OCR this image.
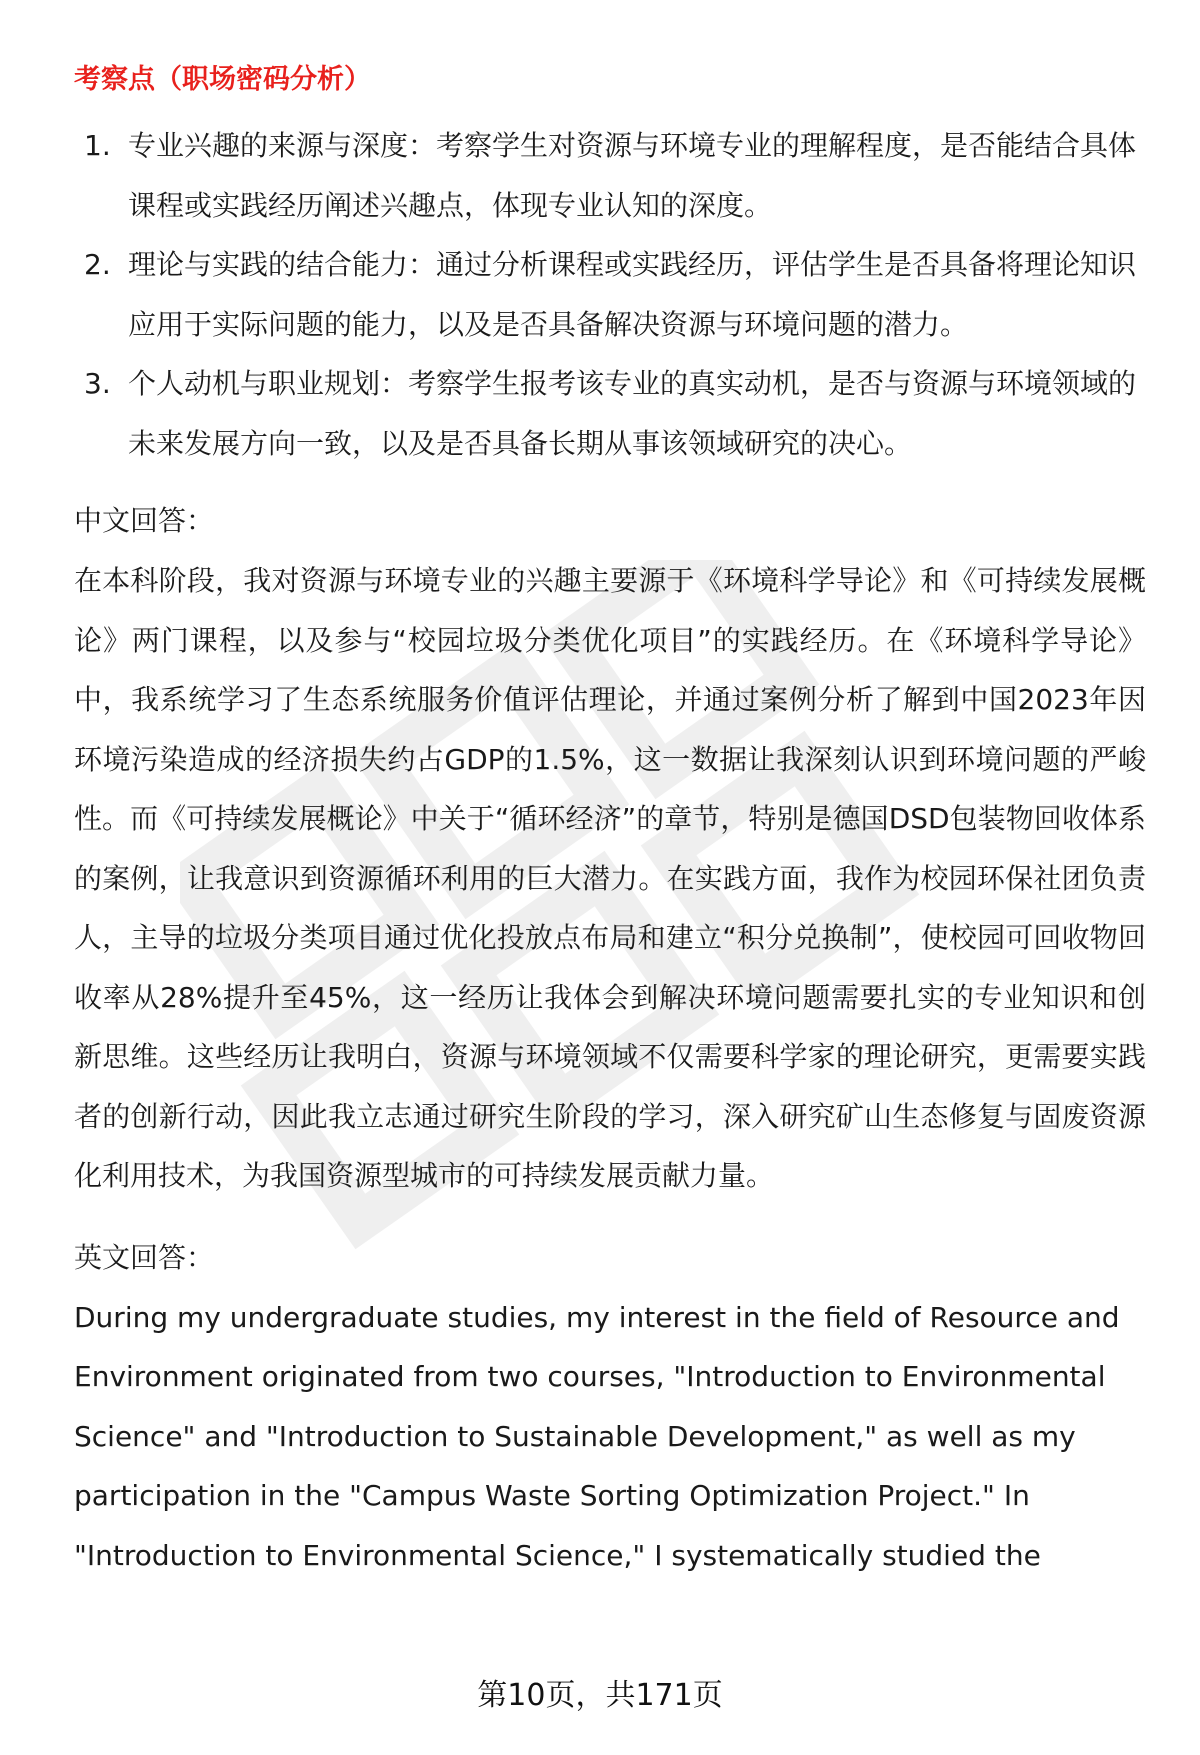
考察点（职场密码分析）
1. 专业兴趣的来源与深度：考察学生对资源与环境专业的理解程度，是否能结合具体课程或实践经历阐述兴趣点，体现专业认知的深度。
2. 理论与实践的结合能力：通过分析课程或实践经历，评估学生是否具备将理论知识应用于实际问题的能力，以及是否具备解决资源与环境问题的潜力。
3. 个人动机与职业规划：考察学生报考该专业的真实动机，是否与资源与环境领域的未来发展方向一致，以及是否具备长期从事该领域研究的决心。
中文回答：

在本科阶段，我对资源与环境专业的兴趣主要源于《环境科学导论》和《可持续发展概论》两门课程，以及参与“校园垃圾分类优化项目”的实践经历。在《环境科学导论》中，我系统学习了生态系统服务价值评估理论，并通过案例分析了解到中国2023年因环境污染造成的经济损失约占GDP的1.5%，这一数据让我深刻认识到环境问题的严峻性。而《可持续发展概论》中关于“循环经济”的章节，特别是德国DSD包装物回收体系的案例，让我意识到资源循环利用的巨大潜力。在实践方面，我作为校园环保社团负责人，主导的垃圾分类项目通过优化投放点布局和建立“积分兑换制”，使校园可回收物回收率从28%提升至45%，这一经历让我体会到解决环境问题需要扎实的专业知识和创新思维。这些经历让我明白，资源与环境领域不仅需要科学家的理论研究，更需要实践者的创新行动，因此我立志通过研究生阶段的学习，深入研究矿山生态修复与固废资源化利用技术，为我国资源型城市的可持续发展贡献力量。

英文回答：

During my undergraduate studies, my interest in the field of Resource and Environment originated from two courses, "Introduction to Environmental Science" and "Introduction to Sustainable Development," as well as my participation in the "Campus Waste Sorting Optimization Project." In "Introduction to Environmental Science," I systematically studied the

第10页，共171页
